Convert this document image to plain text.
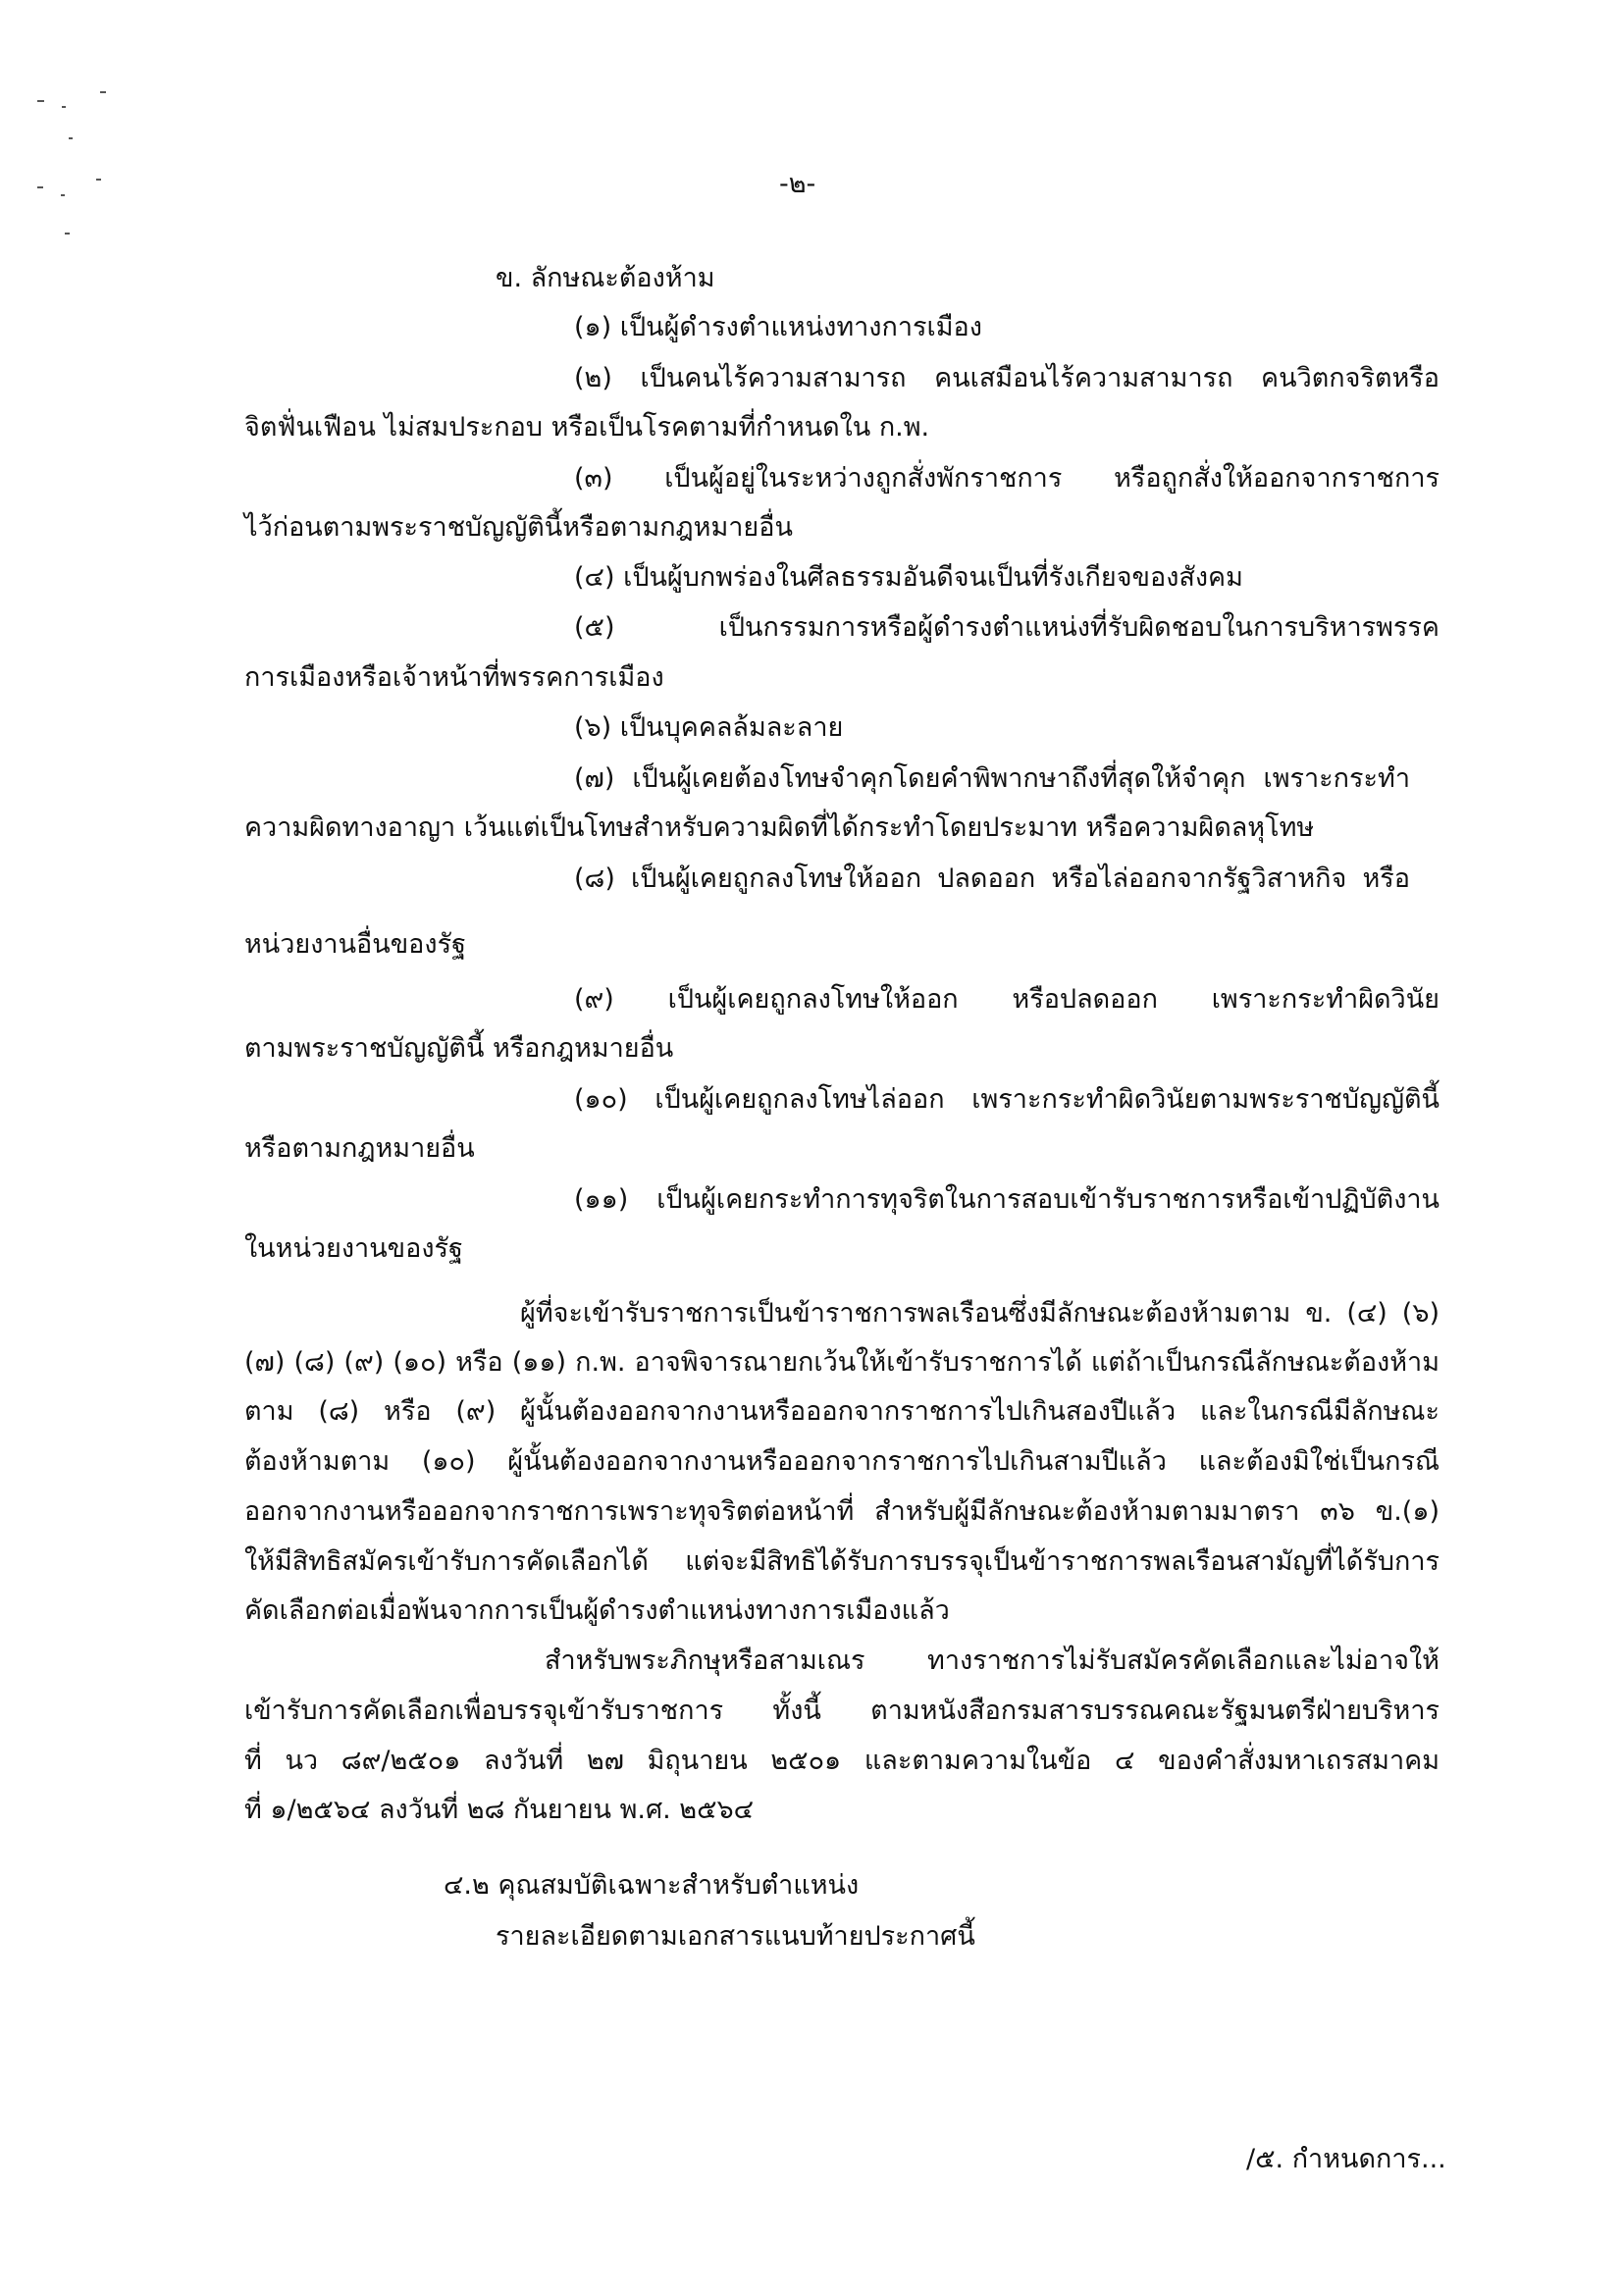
-๒-
ข. ลักษณะต้องห้าม
(๑) เป็นผู้ดำรงตำแหน่งทางการเมือง
(๒) เป็นคนไร้ความสามารถ คนเสมือนไร้ความสามารถ คนวิตกจริตหรือ
จิตฟั่นเฟือน ไม่สมประกอบ หรือเป็นโรคตามที่กำหนดใน ก.พ.
(๓) เป็นผู้อยู่ในระหว่างถูกสั่งพักราชการ หรือถูกสั่งให้ออกจากราชการ
ไว้ก่อนตามพระราชบัญญัตินี้หรือตามกฎหมายอื่น
(๔) เป็นผู้บกพร่องในศีลธรรมอันดีจนเป็นที่รังเกียจของสังคม
(๕) เป็นกรรมการหรือผู้ดำรงตำแหน่งที่รับผิดชอบในการบริหารพรรค
การเมืองหรือเจ้าหน้าที่พรรคการเมือง
(๖) เป็นบุคคลล้มละลาย
(๗) เป็นผู้เคยต้องโทษจำคุกโดยคำพิพากษาถึงที่สุดให้จำคุก เพราะกระทำ
ความผิดทางอาญา เว้นแต่เป็นโทษสำหรับความผิดที่ได้กระทำโดยประมาท หรือความผิดลหุโทษ
(๘) เป็นผู้เคยถูกลงโทษให้ออก ปลดออก หรือไล่ออกจากรัฐวิสาหกิจ หรือ
หน่วยงานอื่นของรัฐ
(๙) เป็นผู้เคยถูกลงโทษให้ออก หรือปลดออก เพราะกระทำผิดวินัย
ตามพระราชบัญญัตินี้ หรือกฎหมายอื่น
(๑๐) เป็นผู้เคยถูกลงโทษไล่ออก เพราะกระทำผิดวินัยตามพระราชบัญญัตินี้
หรือตามกฎหมายอื่น
(๑๑) เป็นผู้เคยกระทำการทุจริตในการสอบเข้ารับราชการหรือเข้าปฏิบัติงาน
ในหน่วยงานของรัฐ
ผู้ที่จะเข้ารับราชการเป็นข้าราชการพลเรือนซึ่งมีลักษณะต้องห้ามตาม ข. (๔) (๖)
(๗) (๘) (๙) (๑๐) หรือ (๑๑) ก.พ. อาจพิจารณายกเว้นให้เข้ารับราชการได้ แต่ถ้าเป็นกรณีลักษณะต้องห้าม
ตาม (๘) หรือ (๙) ผู้นั้นต้องออกจากงานหรือออกจากราชการไปเกินสองปีแล้ว และในกรณีมีลักษณะ
ต้องห้ามตาม (๑๐) ผู้นั้นต้องออกจากงานหรือออกจากราชการไปเกินสามปีแล้ว และต้องมิใช่เป็นกรณี
ออกจากงานหรือออกจากราชการเพราะทุจริตต่อหน้าที่ สำหรับผู้มีลักษณะต้องห้ามตามมาตรา ๓๖ ข.(๑)
ให้มีสิทธิสมัครเข้ารับการคัดเลือกได้ แต่จะมีสิทธิได้รับการบรรจุเป็นข้าราชการพลเรือนสามัญที่ได้รับการ
คัดเลือกต่อเมื่อพ้นจากการเป็นผู้ดำรงตำแหน่งทางการเมืองแล้ว
สำหรับพระภิกษุหรือสามเณร ทางราชการไม่รับสมัครคัดเลือกและไม่อาจให้
เข้ารับการคัดเลือกเพื่อบรรจุเข้ารับราชการ ทั้งนี้ ตามหนังสือกรมสารบรรณคณะรัฐมนตรีฝ่ายบริหาร
ที่ นว ๘๙/๒๕๐๑ ลงวันที่ ๒๗ มิถุนายน ๒๕๐๑ และตามความในข้อ ๔ ของคำสั่งมหาเถรสมาคม
ที่ ๑/๒๕๖๔ ลงวันที่ ๒๘ กันยายน พ.ศ. ๒๕๖๔
๔.๒ คุณสมบัติเฉพาะสำหรับตำแหน่ง
รายละเอียดตามเอกสารแนบท้ายประกาศนี้
/๕. กำหนดการ...
